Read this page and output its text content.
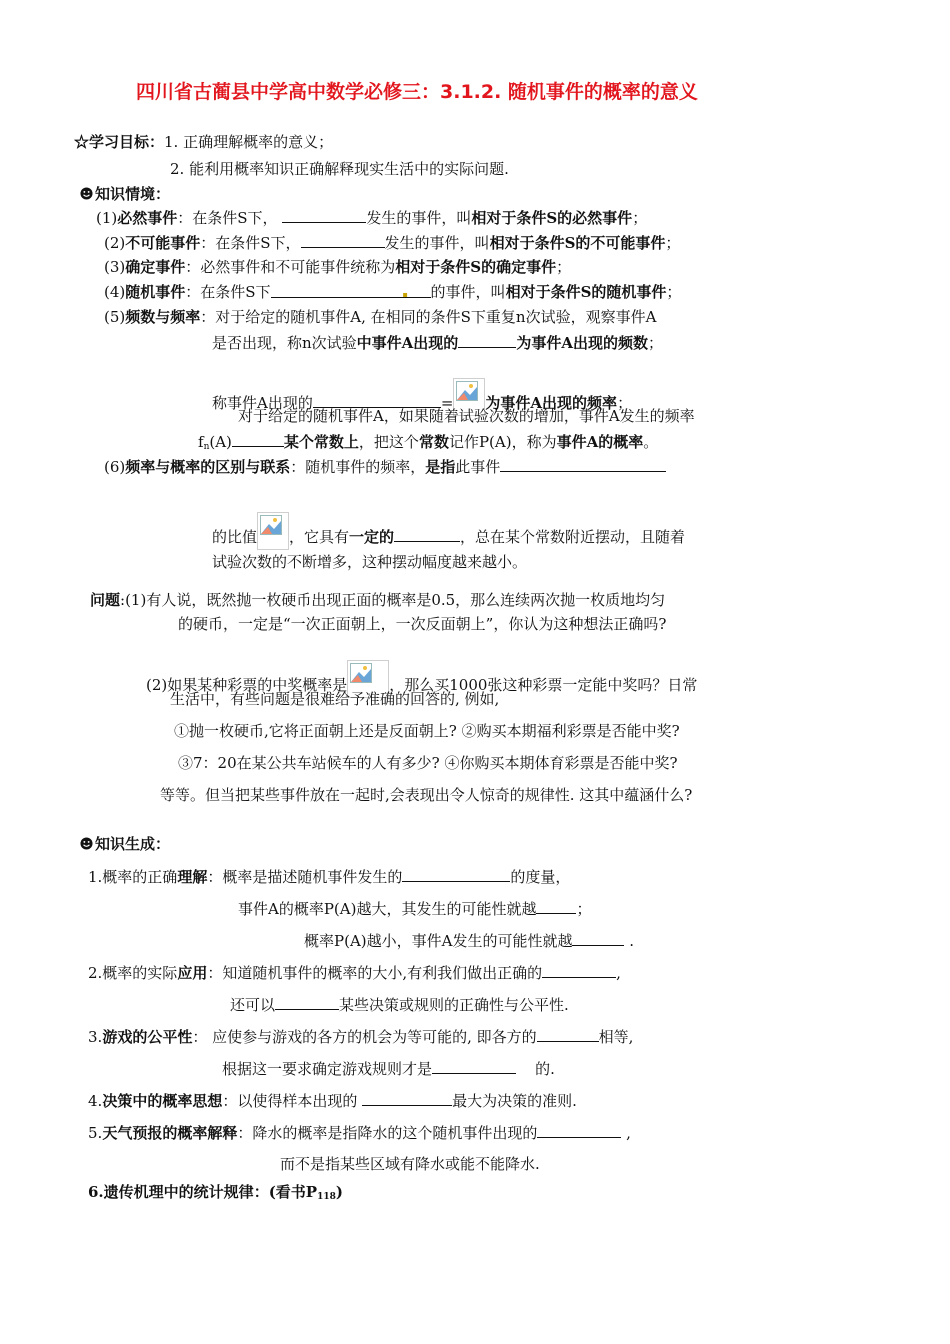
四川省古蔺县中学高中数学必修三：3.1.2. 随机事件的概率的意义
☆学习目标：1. 正确理解概率的意义；
2. 能利用概率知识正确解释现实生活中的实际问题.
知识情境：
(1)必然事件：在条件S下，	发生的事件，叫相对于条件S的必然事件；
(2)不可能事件：在条件S下，	发生的事件，叫相对于条件S的不可能事件；
(3)确定事件：必然事件和不可能事件统称为相对于条件S的确定事件；
(4)随机事件：在条件S下	▪ 的事件，叫相对于条件S的随机事件；
(5)频数与频率：对于给定的随机事件A, 在相同的条件S下重复n次试验，观察事件A
是否出现，称n次试验中事件A出现的	为事件A出现的频数；
称事件A出现的	= 为事件A出现的频率；
对于给定的随机事件A，如果随着试验次数的增加，事件A发生的频率
$f_n(A)$	某个常数上，把这个常数记作P(A)，称为事件A的概率。
(6)频率与概率的区别与联系：随机事件的频率，是指此事件
的比值 ，它具有一定的	，总在某个常数附近摆动，且随着
试验次数的不断增多，这种摆动幅度越来越小。
问题:(1)有人说，既然抛一枚硬币出现正面的概率是0.5，那么连续两次抛一枚质地均匀
的硬币，一定是“一次正面朝上，一次反面朝上”，你认为这种想法正确吗?
(2)如果某种彩票的中奖概率是	，那么买1000张这种彩票一定能中奖吗？日常
生活中，有些问题是很难给予准确的回答的, 例如,
①抛一枚硬币,它将正面朝上还是反面朝上? ②购买本期福利彩票是否能中奖?
③7：20在某公共车站候车的人有多少? ④你购买本期体育彩票是否能中奖?
等等。但当把某些事件放在一起时,会表现出令人惊奇的规律性. 这其中蕴涵什么?
知识生成：
1.概率的正确理解：概率是描述随机事件发生的	的度量，
事件A的概率P(A)越大，其发生的可能性就越	；
概率P(A)越小，事件A发生的可能性就越	.
2.概率的实际应用：知道随机事件的概率的大小,有利我们做出正确的	,
还可以	某些决策或规则的正确性与公平性.
3.游戏的公平性： 应使参与游戏的各方的机会为等可能的, 即各方的	相等,
根据这一要求确定游戏规则才是	的.
4.决策中的概率思想：以使得样本出现的	最大为决策的准则.
5.天气预报的概率解释：降水的概率是指降水的这个随机事件出现的	,
而不是指某些区域有降水或能不能降水.
6.遗传机理中的统计规律：(看书$P_{118}$)
